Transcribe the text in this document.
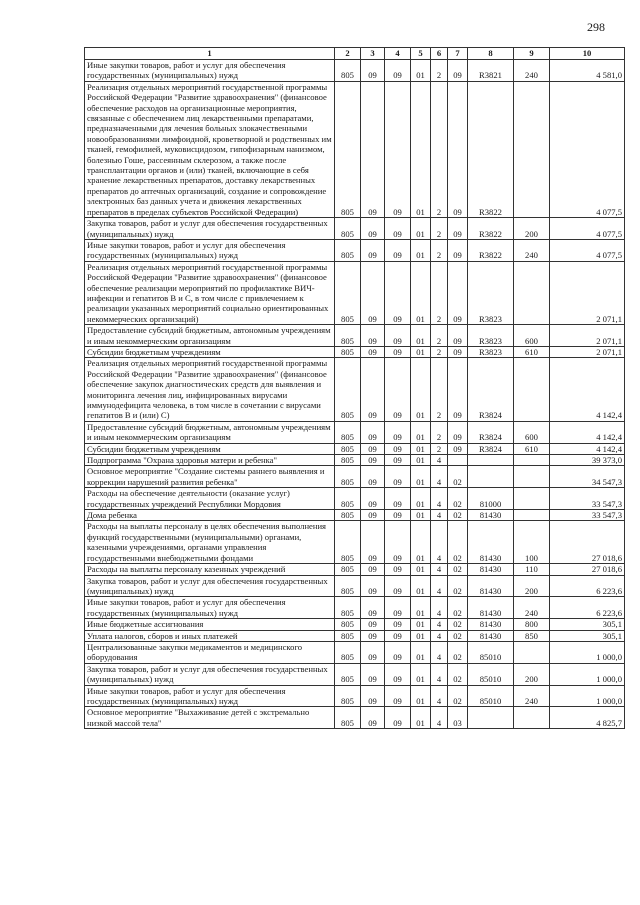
298
1	2	3	4	5	6	7	8	9	10
Иные закупки товаров, работ и услуг для обеспечения государственных (муниципальных) нужд	805	09	09	01	2	09	R3821	240	4 581,0
Реализация отдельных мероприятий государственной программы Российской Федерации "Развитие здравоохранения" (финансовое обеспечение расходов на организационные мероприятия, связанные с обеспечением лиц лекарственными препаратами, предназначенными для лечения больных злокачественными новообразованиями лимфоидной, кроветворной и родственных им тканей, гемофилией, муковисцидозом, гипофизарным нанизмом, болезнью Гоше, рассеянным склерозом, а также после трансплантации органов и (или) тканей, включающие в себя хранение лекарственных препаратов, доставку лекарственных препаратов до аптечных организаций, создание и сопровождение электронных баз данных учета и движения лекарственных препаратов в пределах субъектов Российской Федерации)	805	09	09	01	2	09	R3822		4 077,5
Закупка товаров, работ и услуг для обеспечения государственных (муниципальных) нужд	805	09	09	01	2	09	R3822	200	4 077,5
Иные закупки товаров, работ и услуг для обеспечения государственных (муниципальных) нужд	805	09	09	01	2	09	R3822	240	4 077,5
Реализация отдельных мероприятий государственной программы Российской Федерации "Развитие здравоохранения" (финансовое обеспечение реализации мероприятий по профилактике ВИЧ-инфекции и гепатитов В и С, в том числе с привлечением к реализации указанных мероприятий социально ориентированных некоммерческих организаций)	805	09	09	01	2	09	R3823		2 071,1
Предоставление субсидий бюджетным, автономным учреждениям и иным некоммерческим организациям	805	09	09	01	2	09	R3823	600	2 071,1
Субсидии бюджетным учреждениям	805	09	09	01	2	09	R3823	610	2 071,1
Реализация отдельных мероприятий государственной программы Российской Федерации "Развитие здравоохранения" (финансовое обеспечение закупок диагностических средств для выявления и мониторинга лечения лиц, инфицированных вирусами иммунодефицита человека, в том числе в сочетании с вирусами гепатитов В и (или) С)	805	09	09	01	2	09	R3824		4 142,4
Предоставление субсидий бюджетным, автономным учреждениям и иным некоммерческим организациям	805	09	09	01	2	09	R3824	600	4 142,4
Субсидии бюджетным учреждениям	805	09	09	01	2	09	R3824	610	4 142,4
Подпрограмма "Охрана здоровья матери и ребенка"	805	09	09	01	4				39 373,0
Основное мероприятие "Создание системы раннего выявления и коррекции нарушений развития ребенка"	805	09	09	01	4	02			34 547,3
Расходы на обеспечение деятельности (оказание услуг) государственных учреждений Республики Мордовия	805	09	09	01	4	02	81000		33 547,3
Дома ребенка	805	09	09	01	4	02	81430		33 547,3
Расходы на выплаты персоналу в целях обеспечения выполнения функций государственными (муниципальными) органами, казенными учреждениями, органами управления государственными внебюджетными фондами	805	09	09	01	4	02	81430	100	27 018,6
Расходы на выплаты персоналу казенных учреждений	805	09	09	01	4	02	81430	110	27 018,6
Закупка товаров, работ и услуг для обеспечения государственных (муниципальных) нужд	805	09	09	01	4	02	81430	200	6 223,6
Иные закупки товаров, работ и услуг для обеспечения государственных (муниципальных) нужд	805	09	09	01	4	02	81430	240	6 223,6
Иные бюджетные ассигнования	805	09	09	01	4	02	81430	800	305,1
Уплата налогов, сборов и иных платежей	805	09	09	01	4	02	81430	850	305,1
Централизованные закупки медикаментов и медицинского оборудования	805	09	09	01	4	02	85010		1 000,0
Закупка товаров, работ и услуг для обеспечения государственных (муниципальных) нужд	805	09	09	01	4	02	85010	200	1 000,0
Иные закупки товаров, работ и услуг для обеспечения государственных (муниципальных) нужд	805	09	09	01	4	02	85010	240	1 000,0
Основное мероприятие "Выхаживание детей с экстремально низкой массой тела"	805	09	09	01	4	03			4 825,7
